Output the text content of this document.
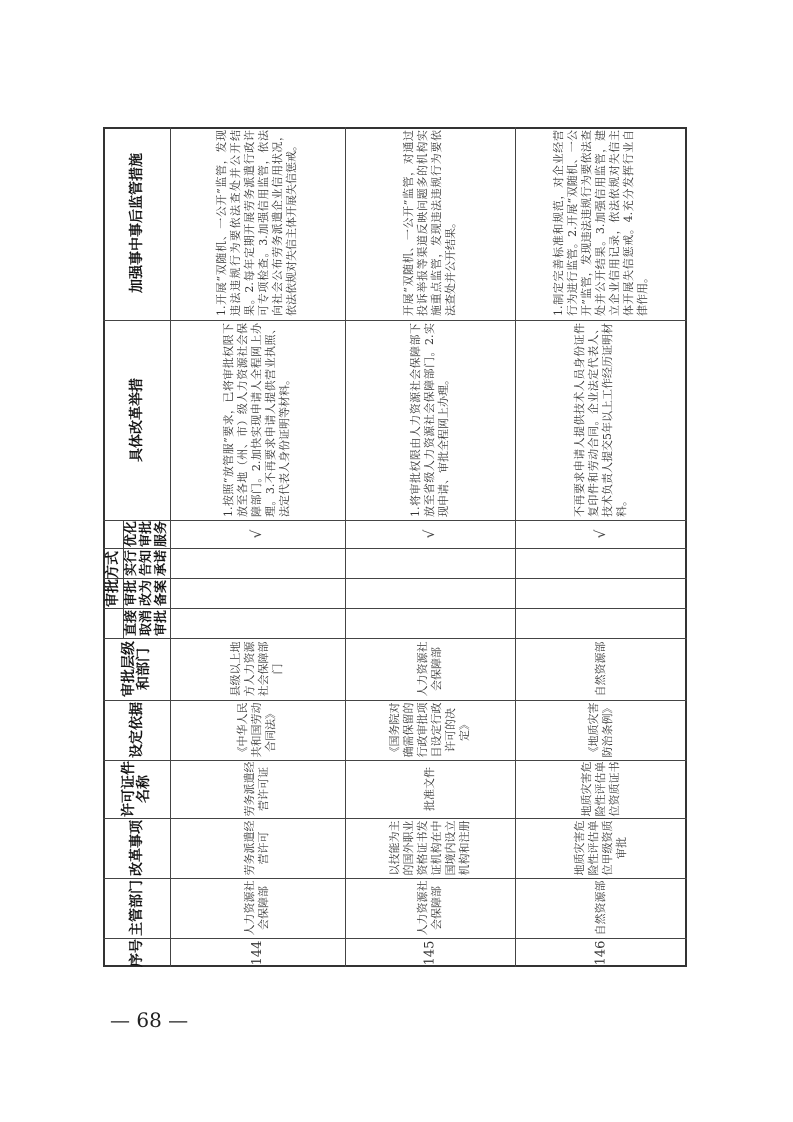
序号
主管部门
改革事项
许可证件名称
设定依据
审批层级和部门
审批方式
直接取消审批
审批改为备案
实行告知承诺
优化审批服务
具体改革举措
加强事中事后监管措施
144
人力资源社会保障部
劳务派遣经营许可
劳务派遣经营许可证
《中华人民共和国劳动合同法》
县级以上地方人力资源社会保障部门
√
1.按照“放管服”要求，已将审批权限下放至各地（州、市）级人力资源社会保障部门。2.加快实现申请人全程网上办理。3.不再要求申请人提供营业执照、法定代表人身份证明等材料。
1.开展“双随机、一公开”监管，发现违法违规行为要依法查处并公开结果。2.每年定期开展劳务派遣行政许可专项检查。3.加强信用监管，依法向社会公布劳务派遣企业信用状况，依法依规对失信主体开展失信惩戒。
145
人力资源社会保障部
以技能为主的国外职业资格证书发证机构在中国境内设立机构和注册
批准文件
《国务院对确需保留的行政审批项目设定行政许可的决定》
人力资源社会保障部
√
1.将审批权限由人力资源社会保障部下放至省级人力资源社会保障部门。2.实现申请、审批全程网上办理。
开展“双随机、一公开”监管，对通过投诉举报等渠道反映问题多的机构实施重点监管，发现违法违规行为要依法查处并公开结果。
146
自然资源部
地质灾害危险性评估单位甲级资质审批
地质灾害危险性评估单位资质证书
《地质灾害防治条例》
自然资源部
√
不再要求申请人提供技术人员身份证件复印件和劳动合同。企业法定代表人、技术负责人提交5年以上工作经历证明材料。
1.制定完善标准和规范，对企业经营行为进行监管。2.开展“双随机、一公开”监管，发现违法违规行为要依法查处并公开结果。3.加强信用监管，建立企业信用记录，依法依规对失信主体开展失信惩戒。4.充分发挥行业自律作用。
— 68 —
